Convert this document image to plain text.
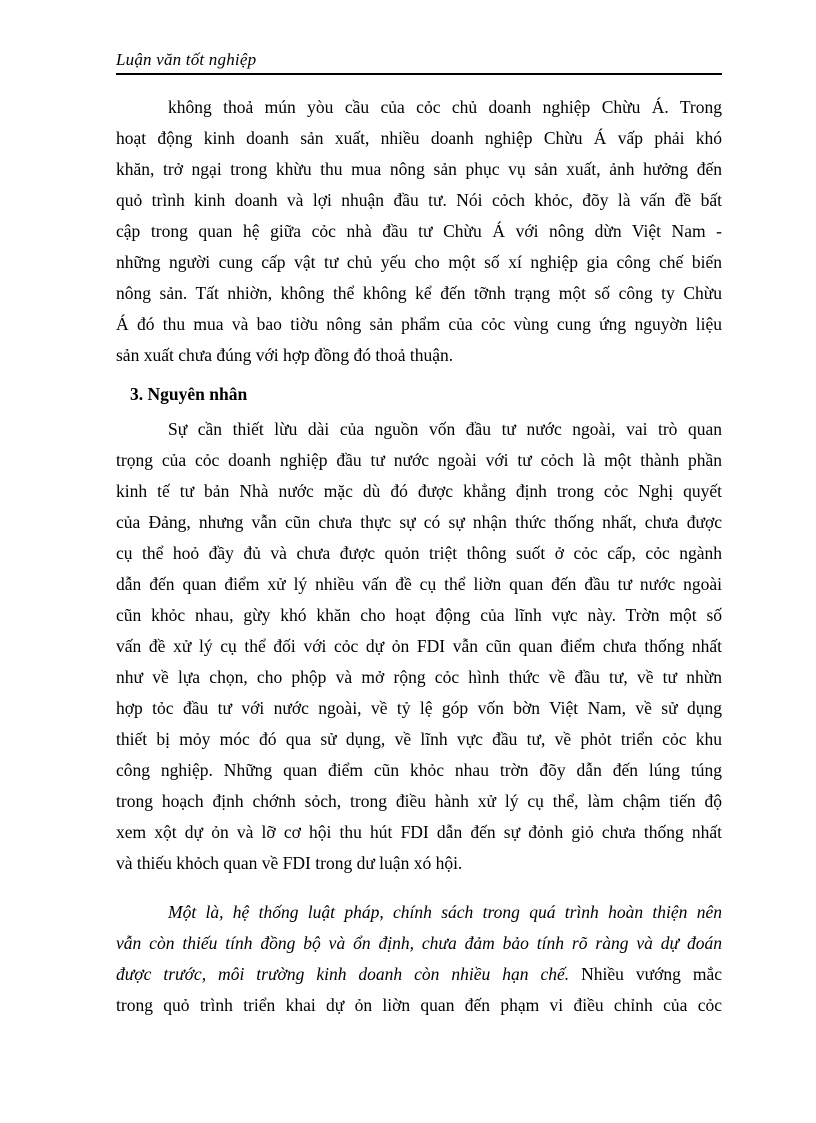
Luận văn tốt nghiệp
không thoả mún yòu cầu của cỏc chủ doanh nghiệp Chừu Á. Trong
hoạt động kinh doanh sản xuất, nhiều doanh nghiệp Chừu Á vấp phải khó
khăn, trở ngại trong khừu thu mua nông sản phục vụ sản xuất, ảnh hưởng đến
quỏ trình kinh doanh và lợi nhuận đầu tư. Nói cỏch khỏc, đõy là vấn đề bất
cập trong quan hệ giữa cỏc nhà đầu tư Chừu Á với nông dừn Việt Nam -
những người cung cấp vật tư chủ yếu cho một số xí nghiệp gia công chế biến
nông sản. Tất nhiờn, không thể không kể đến tỡnh trạng một số công ty Chừu
Á đó thu mua và bao tiờu nông sản phẩm của cỏc vùng cung ứng nguyờn liệu
sản xuất chưa đúng với hợp đồng đó thoả thuận.
3. Nguyên nhân
Sự cần thiết lừu dài của nguồn vốn đầu tư nước ngoài, vai trò quan
trọng của cỏc doanh nghiệp đầu tư nước ngoài với tư cỏch là một thành phần
kinh tế tư bản Nhà nước mặc dù đó được khẳng định trong cỏc Nghị quyết
của Đảng, nhưng vẫn cũn chưa thực sự có sự nhận thức thống nhất, chưa được
cụ thể hoỏ đầy đủ và chưa được quỏn triệt thông suốt ở cỏc cấp, cỏc ngành
dẫn đến quan điểm xử lý nhiều vấn đề cụ thể liờn quan đến đầu tư nước ngoài
cũn khỏc nhau, gừy khó khăn cho hoạt động của lĩnh vực này. Trờn một số
vấn đề xử lý cụ thể đối với cỏc dự ỏn FDI vẫn cũn quan điểm chưa thống nhất
như về lựa chọn, cho phộp và mở rộng cỏc hình thức về đầu tư, về tư nhừn
hợp tỏc đầu tư với nước ngoài, về tỷ lệ góp vốn bờn Việt Nam, về sử dụng
thiết bị mỏy móc đó qua sử dụng, về lĩnh vực đầu tư, về phỏt triển cỏc khu
công nghiệp. Những quan điểm cũn khỏc nhau trờn đõy dẫn đến lúng túng
trong hoạch định chớnh sỏch, trong điều hành xử lý cụ thể, làm chậm tiến độ
xem xột dự ỏn và lỡ cơ hội thu hút FDI dẫn đến sự đỏnh giỏ chưa thống nhất
và thiếu khỏch quan về FDI trong dư luận xó hội.
Một là, hệ thống luật pháp, chính sách trong quá trình hoàn thiện nên
vẫn còn thiếu tính đồng bộ và ổn định, chưa đảm bảo tính rõ ràng và dự đoán
được trước, môi trường kinh doanh còn nhiều hạn chế. Nhiều vướng mắc
trong quỏ trình triển khai dự ỏn liờn quan đến phạm vi điều chỉnh của cỏc
